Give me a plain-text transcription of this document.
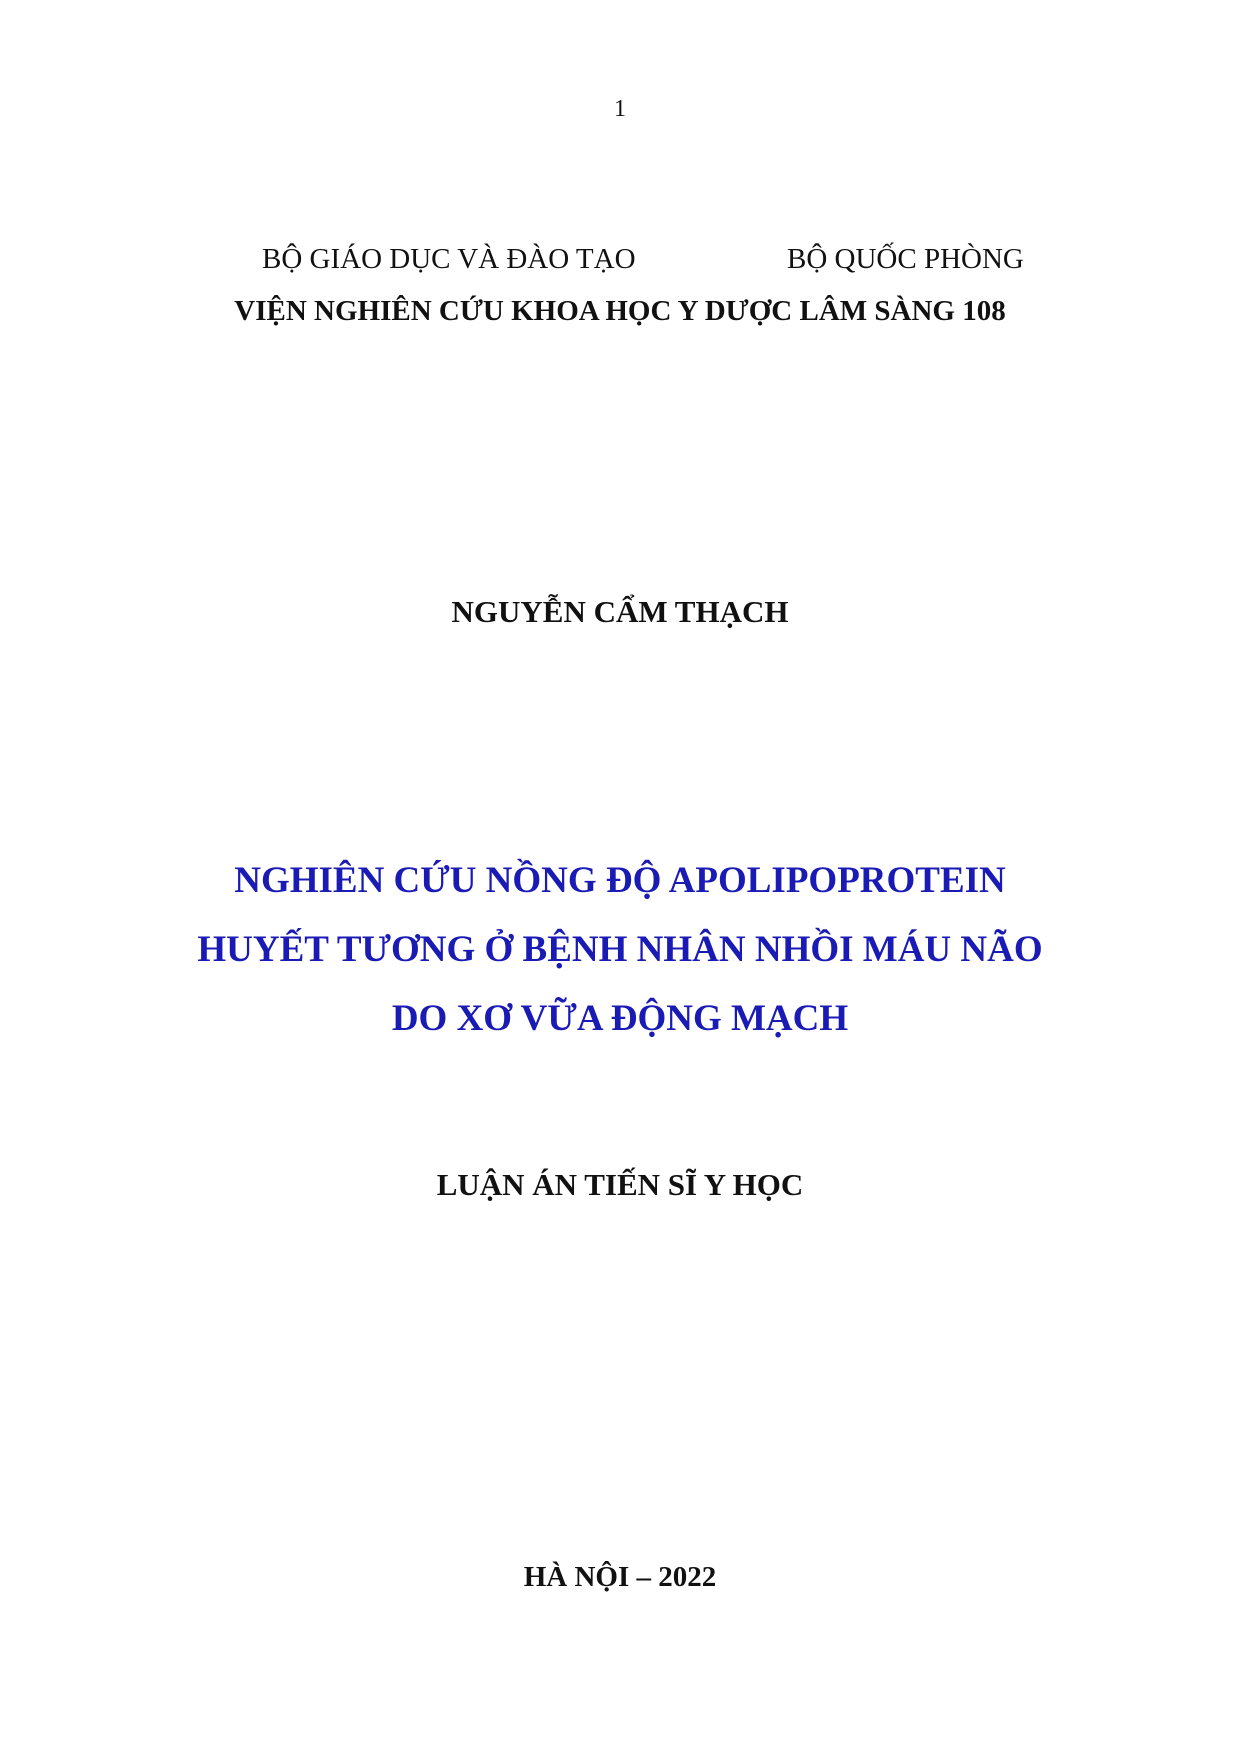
1
BỘ GIÁO DỤC VÀ ĐÀO TẠO	BỘ QUỐC PHÒNG
VIỆN NGHIÊN CỨU KHOA HỌC Y DƯỢC LÂM SÀNG 108
NGUYỄN CẨM THẠCH
NGHIÊN CỨU NỒNG ĐỘ APOLIPOPROTEIN
HUYẾT TƯƠNG Ở BỆNH NHÂN NHỒI MÁU NÃO
DO XƠ VỮA ĐỘNG MẠCH
LUẬN ÁN TIẾN SĨ Y HỌC
HÀ NỘI – 2022
